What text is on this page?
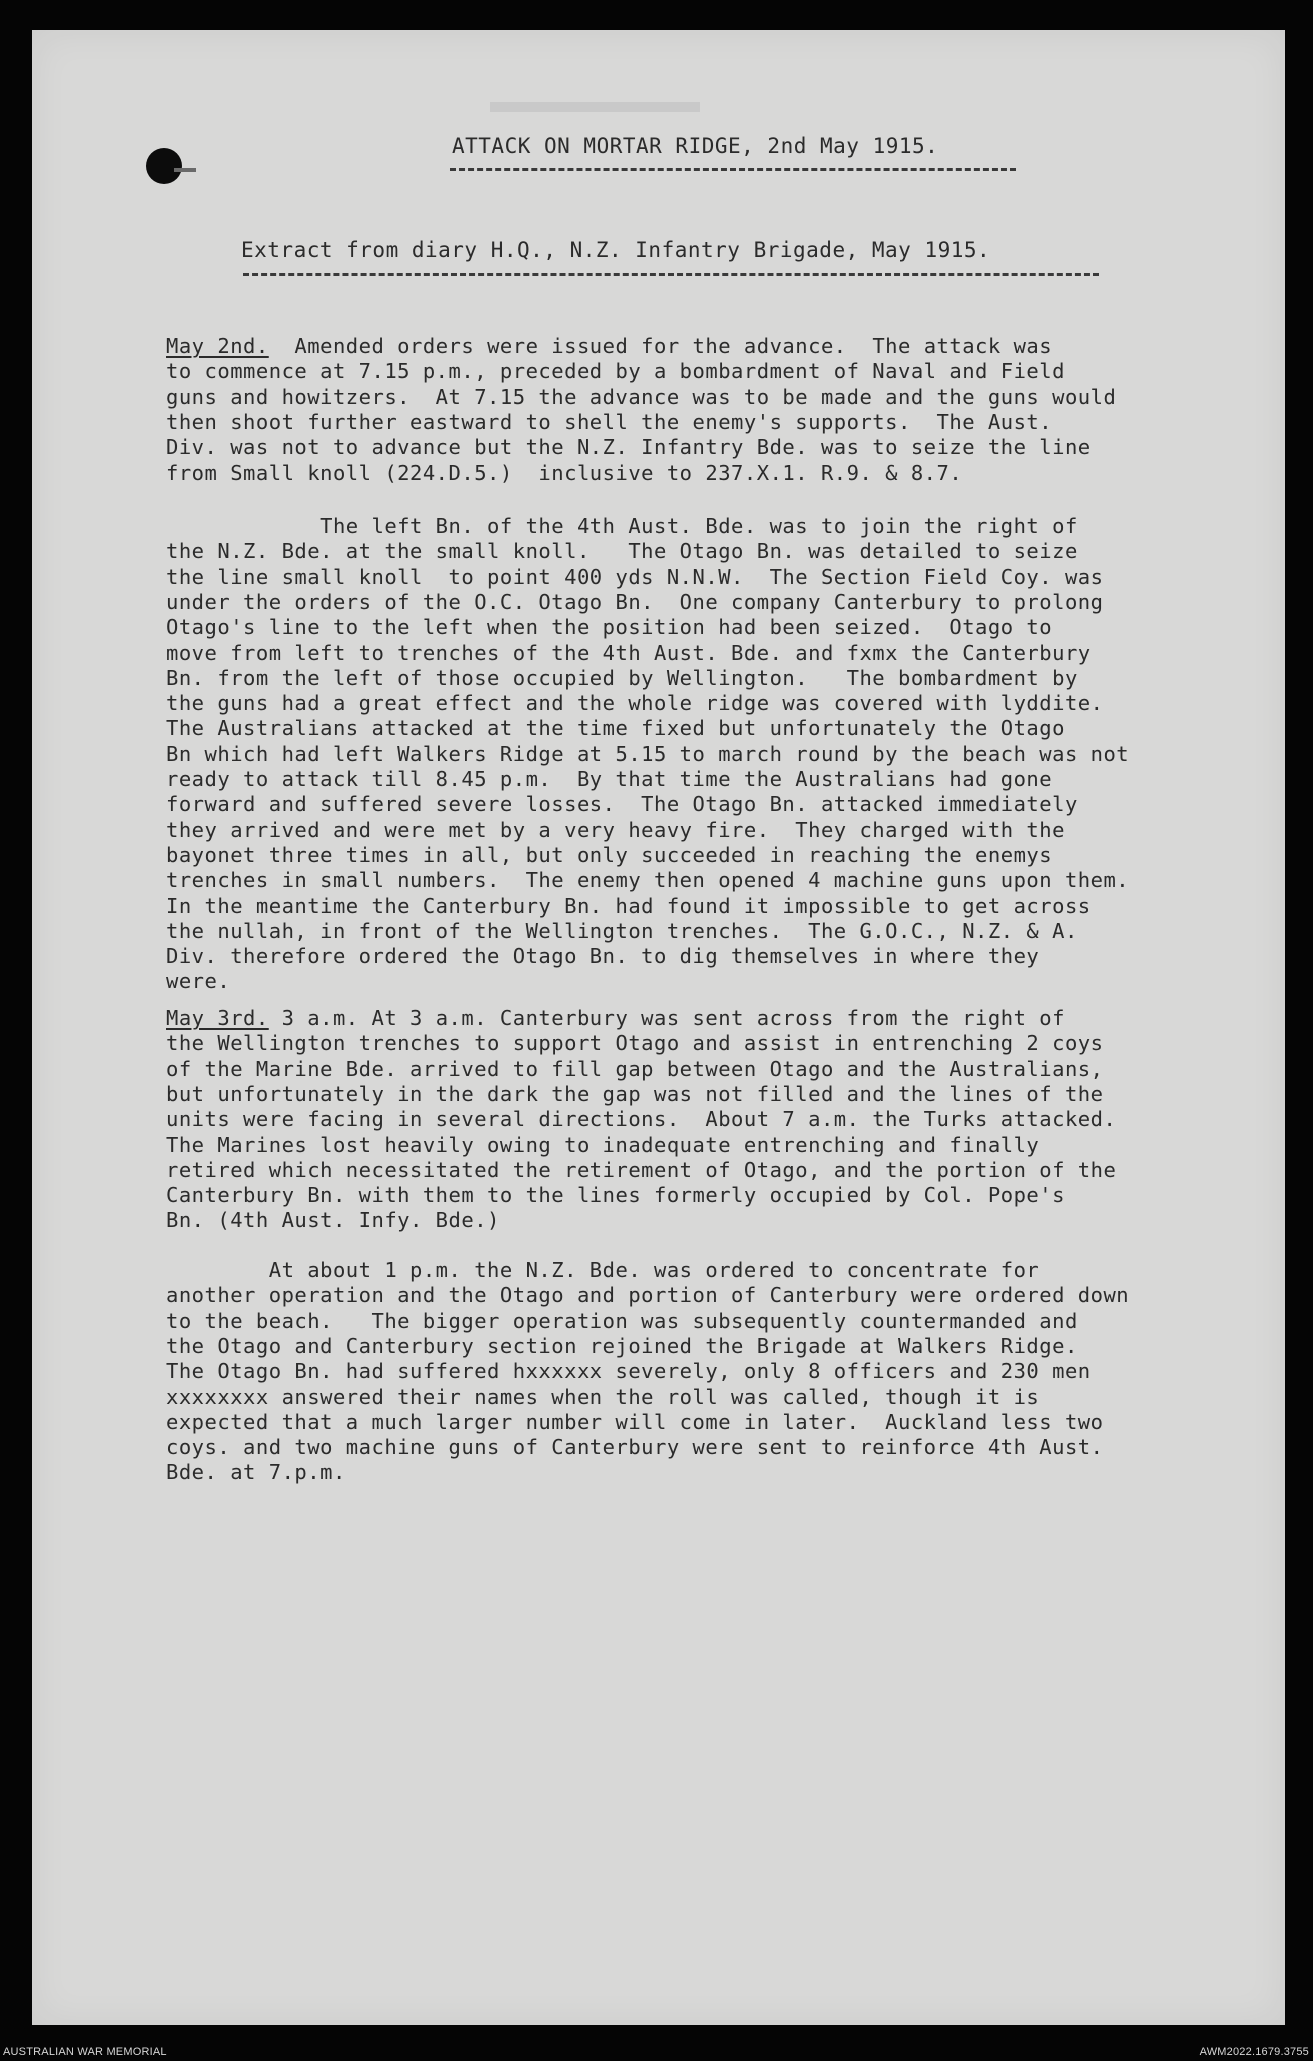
ATTACK ON MORTAR RIDGE, 2nd May 1915.
Extract from diary H.Q., N.Z. Infantry Brigade, May 1915.
May 2nd.  Amended orders were issued for the advance.  The attack was
to commence at 7.15 p.m., preceded by a bombardment of Naval and Field
guns and howitzers.  At 7.15 the advance was to be made and the guns would
then shoot further eastward to shell the enemy's supports.  The Aust.
Div. was not to advance but the N.Z. Infantry Bde. was to seize the line
from Small knoll (224.D.5.)  inclusive to 237.X.1. R.9. & 8.7.
The left Bn. of the 4th Aust. Bde. was to join the right of
the N.Z. Bde. at the small knoll.   The Otago Bn. was detailed to seize
the line small knoll  to point 400 yds N.N.W.  The Section Field Coy. was
under the orders of the O.C. Otago Bn.  One company Canterbury to prolong
Otago's line to the left when the position had been seized.  Otago to
move from left to trenches of the 4th Aust. Bde. and fxmx the Canterbury
Bn. from the left of those occupied by Wellington.   The bombardment by
the guns had a great effect and the whole ridge was covered with lyddite.
The Australians attacked at the time fixed but unfortunately the Otago
Bn which had left Walkers Ridge at 5.15 to march round by the beach was not
ready to attack till 8.45 p.m.  By that time the Australians had gone
forward and suffered severe losses.  The Otago Bn. attacked immediately
they arrived and were met by a very heavy fire.  They charged with the
bayonet three times in all, but only succeeded in reaching the enemys
trenches in small numbers.  The enemy then opened 4 machine guns upon them.
In the meantime the Canterbury Bn. had found it impossible to get across
the nullah, in front of the Wellington trenches.  The G.O.C., N.Z. & A.
Div. therefore ordered the Otago Bn. to dig themselves in where they
were.
May 3rd. 3 a.m. At 3 a.m. Canterbury was sent across from the right of
the Wellington trenches to support Otago and assist in entrenching 2 coys
of the Marine Bde. arrived to fill gap between Otago and the Australians,
but unfortunately in the dark the gap was not filled and the lines of the
units were facing in several directions.  About 7 a.m. the Turks attacked.
The Marines lost heavily owing to inadequate entrenching and finally
retired which necessitated the retirement of Otago, and the portion of the
Canterbury Bn. with them to the lines formerly occupied by Col. Pope's
Bn. (4th Aust. Infy. Bde.)
At about 1 p.m. the N.Z. Bde. was ordered to concentrate for
another operation and the Otago and portion of Canterbury were ordered down
to the beach.   The bigger operation was subsequently countermanded and
the Otago and Canterbury section rejoined the Brigade at Walkers Ridge.
The Otago Bn. had suffered hxxxxxx severely, only 8 officers and 230 men
xxxxxxxx answered their names when the roll was called, though it is
expected that a much larger number will come in later.  Auckland less two
coys. and two machine guns of Canterbury were sent to reinforce 4th Aust.
Bde. at 7.p.m.
AUSTRALIAN WAR MEMORIAL	AWM2022.1679.3755
